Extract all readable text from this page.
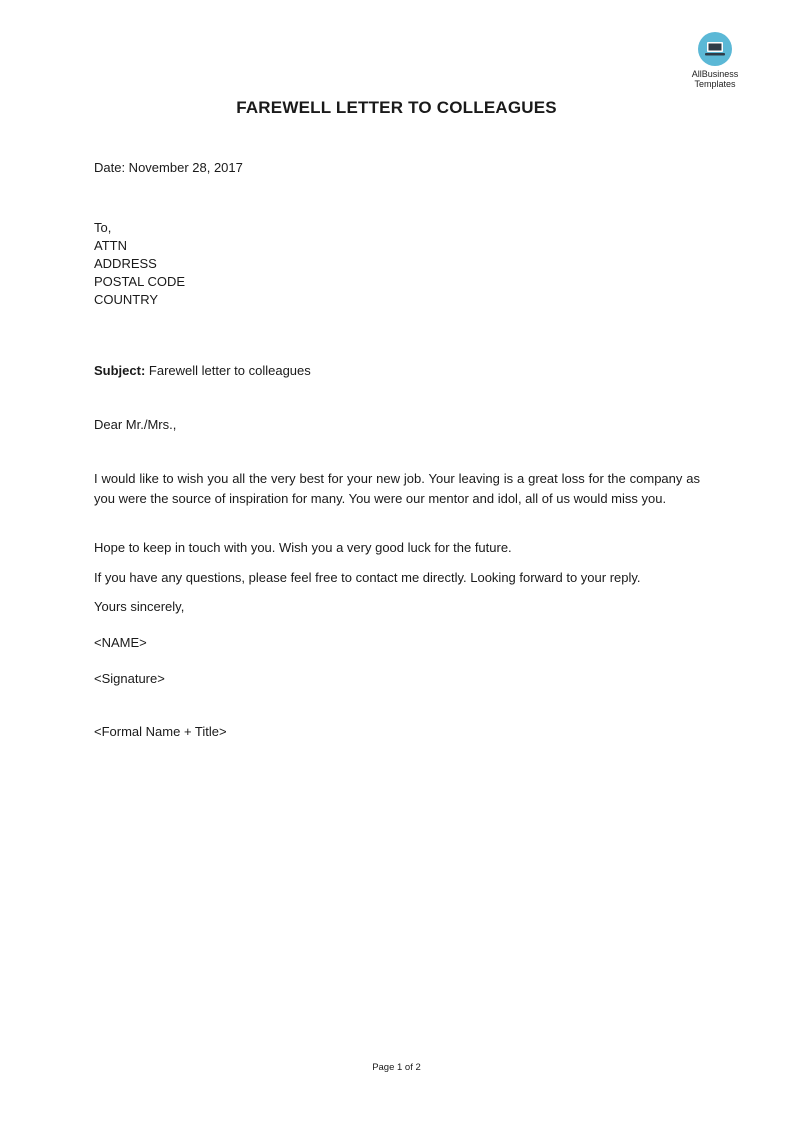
AllBusiness
Templates
FAREWELL LETTER TO COLLEAGUES
Date: November 28, 2017
To,
ATTN
ADDRESS
POSTAL CODE
COUNTRY
Subject: Farewell letter to colleagues
Dear Mr./Mrs.,
I would like to wish you all the very best for your new job. Your leaving is a great loss for the company as you were the source of inspiration for many. You were our mentor and idol, all of us would miss you.
Hope to keep in touch with you. Wish you a very good luck for the future.
If you have any questions, please feel free to contact me directly. Looking forward to your reply.
Yours sincerely,
<NAME>
<Signature>
<Formal Name + Title>
Page 1 of 2
